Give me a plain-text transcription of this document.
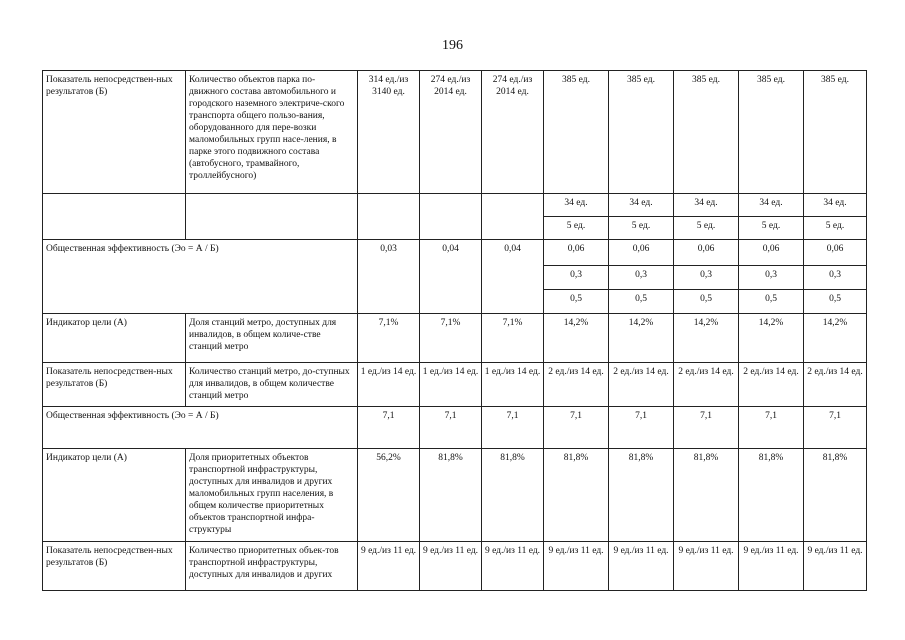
196
Показатель непосредствен-ных результатов (Б)	Количество объектов парка по-движного состава автомобильного и городского наземного электриче-ского транспорта общего пользо-вания, оборудованного для пере-возки маломобильных групп насе-ления, в парке этого подвижного состава (автобусного, трамвайного, троллейбусного)	314 ед./из 3140 ед.	274 ед./из 2014 ед.	274 ед./из 2014 ед.	385 ед.	385 ед.	385 ед.	385 ед.	385 ед.
					34 ед.	34 ед.	34 ед.	34 ед.	34 ед.
					5 ед.	5 ед.	5 ед.	5 ед.	5 ед.
Общественная эффективность (Эо = А / Б)		0,03	0,04	0,04	0,06	0,06	0,06	0,06	0,06
					0,3	0,3	0,3	0,3	0,3
					0,5	0,5	0,5	0,5	0,5
Индикатор цели (А)	Доля станций метро, доступных для инвалидов, в общем количе-стве станций метро	7,1%	7,1%	7,1%	14,2%	14,2%	14,2%	14,2%	14,2%
Показатель непосредствен-ных результатов (Б)	Количество станций метро, до-ступных для инвалидов, в общем количестве станций метро	1 ед./из 14 ед.	1 ед./из 14 ед.	1 ед./из 14 ед.	2 ед./из 14 ед.	2 ед./из 14 ед.	2 ед./из 14 ед.	2 ед./из 14 ед.	2 ед./из 14 ед.
Общественная эффективность (Эо = А / Б)		7,1	7,1	7,1	7,1	7,1	7,1	7,1	7,1
Индикатор цели (А)	Доля приоритетных объектов транспортной инфраструктуры, доступных для инвалидов и других маломобильных групп населения, в общем количестве приоритетных объектов транспортной инфра-структуры	56,2%	81,8%	81,8%	81,8%	81,8%	81,8%	81,8%	81,8%
Показатель непосредствен-ных результатов (Б)	Количество приоритетных объек-тов транспортной инфраструктуры, доступных для инвалидов и других	9 ед./из 11 ед.	9 ед./из 11 ед.	9 ед./из 11 ед.	9 ед./из 11 ед.	9 ед./из 11 ед.	9 ед./из 11 ед.	9 ед./из 11 ед.	9 ед./из 11 ед.
